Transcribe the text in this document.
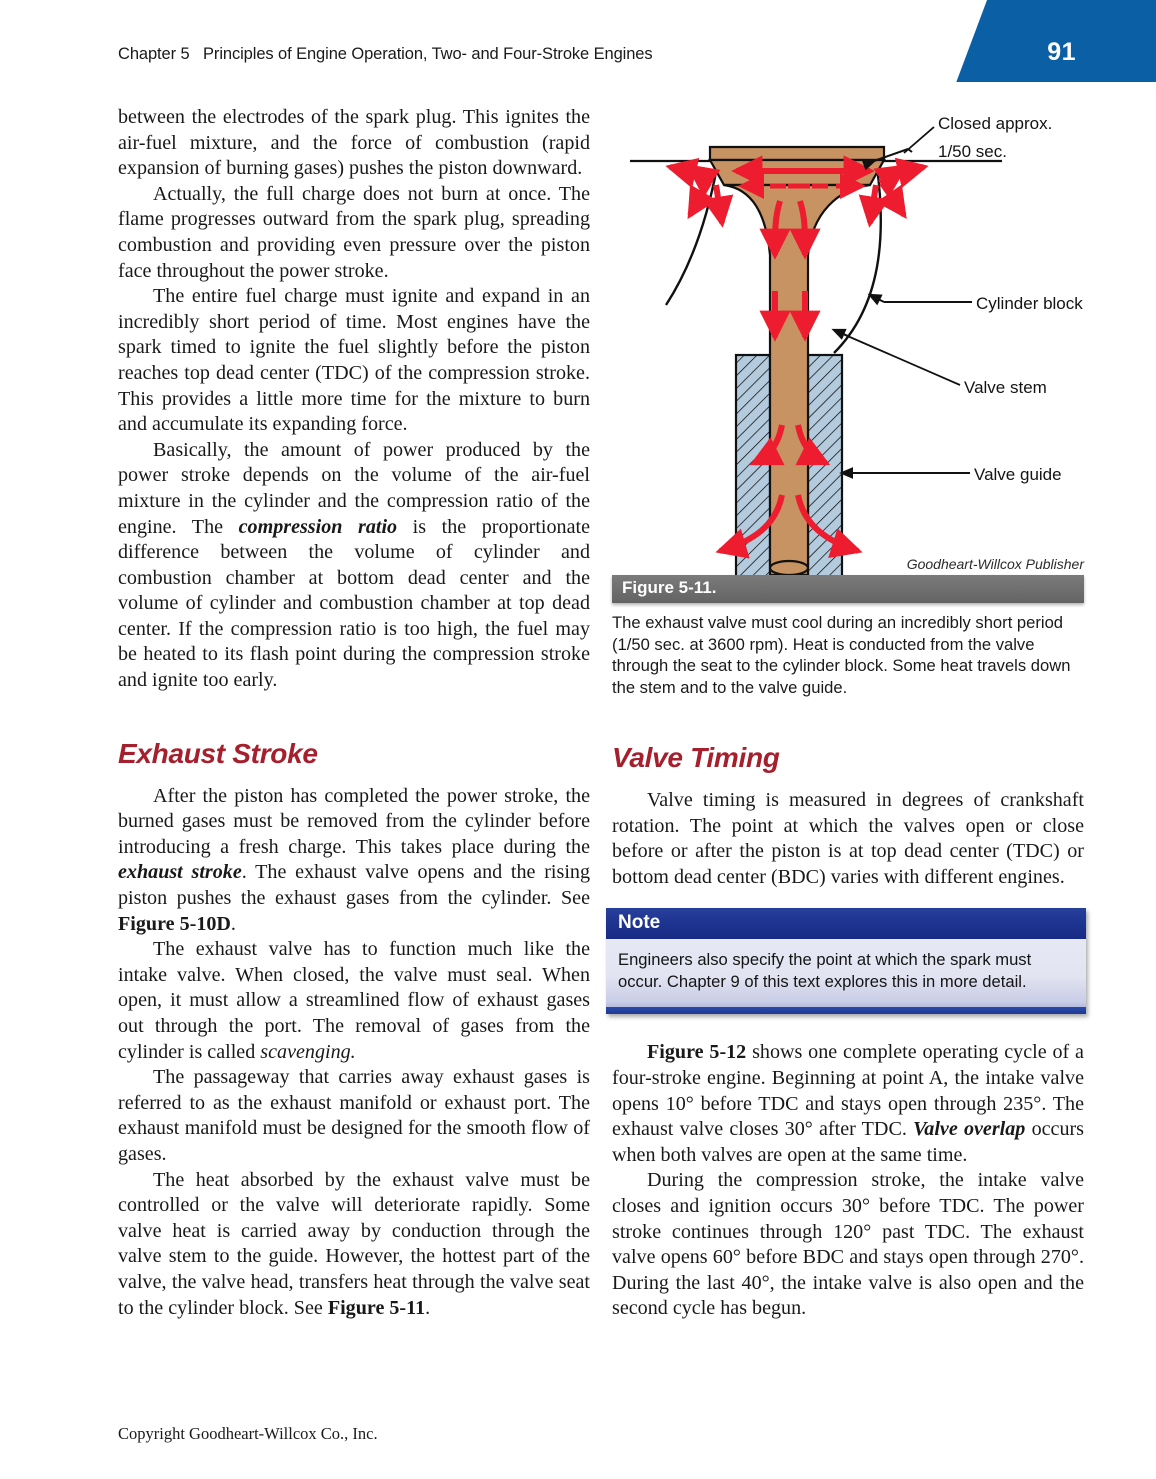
91
Chapter 5   Principles of Engine Operation, Two- and Four-Stroke Engines

between the electrodes of the spark plug. This ignites the air-fuel mixture, and the force of combustion (rapid expansion of burning gases) pushes the piston downward.

Actually, the full charge does not burn at once. The flame progresses outward from the spark plug, spreading combustion and providing even pressure over the piston face throughout the power stroke.

The entire fuel charge must ignite and expand in an incredibly short period of time. Most engines have the spark timed to ignite the fuel slightly before the piston reaches top dead center (TDC) of the compression stroke. This provides a little more time for the mixture to burn and accumulate its expanding force.

Basically, the amount of power produced by the power stroke depends on the volume of the air-fuel mixture in the cylinder and the compression ratio of the engine. The compression ratio is the proportionate difference between the volume of cylinder and combustion chamber at bottom dead center and the volume of cylinder and combustion chamber at top dead center. If the compression ratio is too high, the fuel may be heated to its flash point during the compression stroke and ignite too early.

Exhaust Stroke

After the piston has completed the power stroke, the burned gases must be removed from the cylinder before introducing a fresh charge. This takes place during the exhaust stroke. The exhaust valve opens and the rising piston pushes the exhaust gases from the cylinder. See Figure 5-10D.

The exhaust valve has to function much like the intake valve. When closed, the valve must seal. When open, it must allow a streamlined flow of exhaust gases out through the port. The removal of gases from the cylinder is called scavenging.

The passageway that carries away exhaust gases is referred to as the exhaust manifold or exhaust port. The exhaust manifold must be designed for the smooth flow of gases.

The heat absorbed by the exhaust valve must be controlled or the valve will deteriorate rapidly. Some valve heat is carried away by conduction through the valve stem to the guide. However, the hottest part of the valve, the valve head, transfers heat through the valve seat to the cylinder block. See Figure 5-11.

Closed approx.
1/50 sec.
Cylinder block
Valve stem
Valve guide
Goodheart-Willcox Publisher
Figure 5-11.
The exhaust valve must cool during an incredibly short period (1/50 sec. at 3600 rpm). Heat is conducted from the valve through the seat to the cylinder block. Some heat travels down the stem and to the valve guide.
Valve Timing

Valve timing is measured in degrees of crankshaft rotation. The point at which the valves open or close before or after the piston is at top dead center (TDC) or bottom dead center (BDC) varies with different engines.

Note

Engineers also specify the point at which the spark must occur. Chapter 9 of this text explores this in more detail.

Figure 5-12 shows one complete operating cycle of a four-stroke engine. Beginning at point A, the intake valve opens 10° before TDC and stays open through 235°. The exhaust valve closes 30° after TDC. Valve overlap occurs when both valves are open at the same time.

During the compression stroke, the intake valve closes and ignition occurs 30° before TDC. The power stroke continues through 120° past TDC. The exhaust valve opens 60° before BDC and stays open through 270°. During the last 40°, the intake valve is also open and the second cycle has begun.

Copyright Goodheart-Willcox Co., Inc.
